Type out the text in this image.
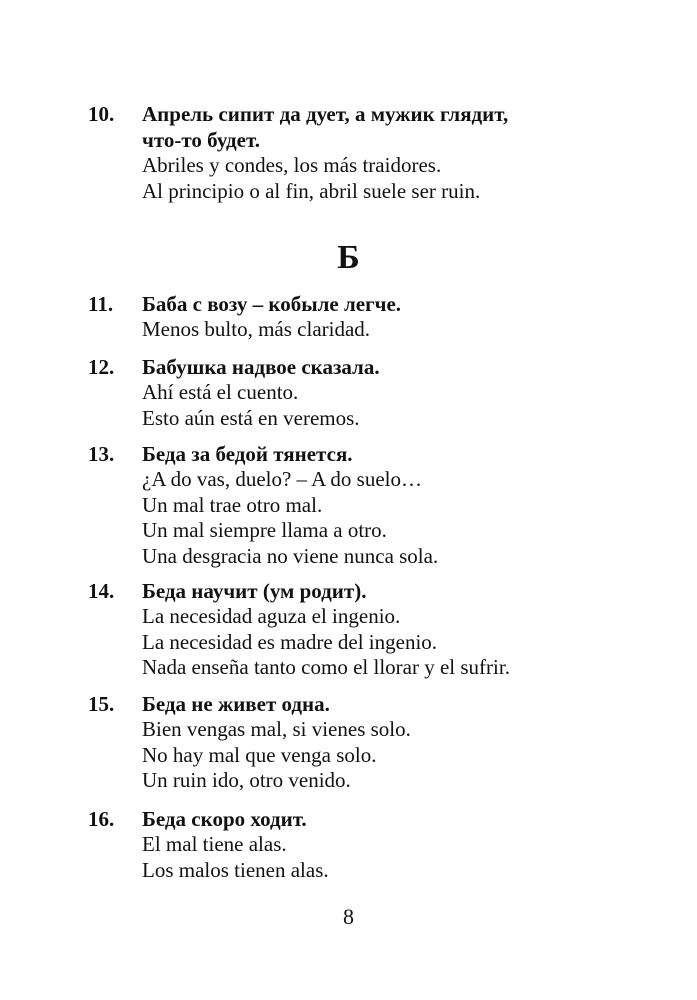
10.	Апрель сипит да дует, а мужик глядит,

что-то будет.

Abriles y condes, los más traidores.

Al principio o al fin, abril suele ser ruin.

Б
11.	Баба с возу – кобыле легче.

Menos bulto, más claridad.

12.	Бабушка надвое сказала.

Ahí está el cuento.

Esto aún está en veremos.

13.	Беда за бедой тянется.

¿A do vas, duelo? – A do suelo…

Un mal trae otro mal.

Un mal siempre llama a otro.

Una desgracia no viene nunca sola.

14.	Беда научит (ум родит).

La necesidad aguza el ingenio.

La necesidad es madre del ingenio.

Nada enseña tanto como el llorar y el sufrir.

15.	Беда не живет одна.

Bien vengas mal, si vienes solo.

No hay mal que venga solo.

Un ruin ido, otro venido.

16.	Беда скоро ходит.

El mal tiene alas.

Los malos tienen alas.

8
